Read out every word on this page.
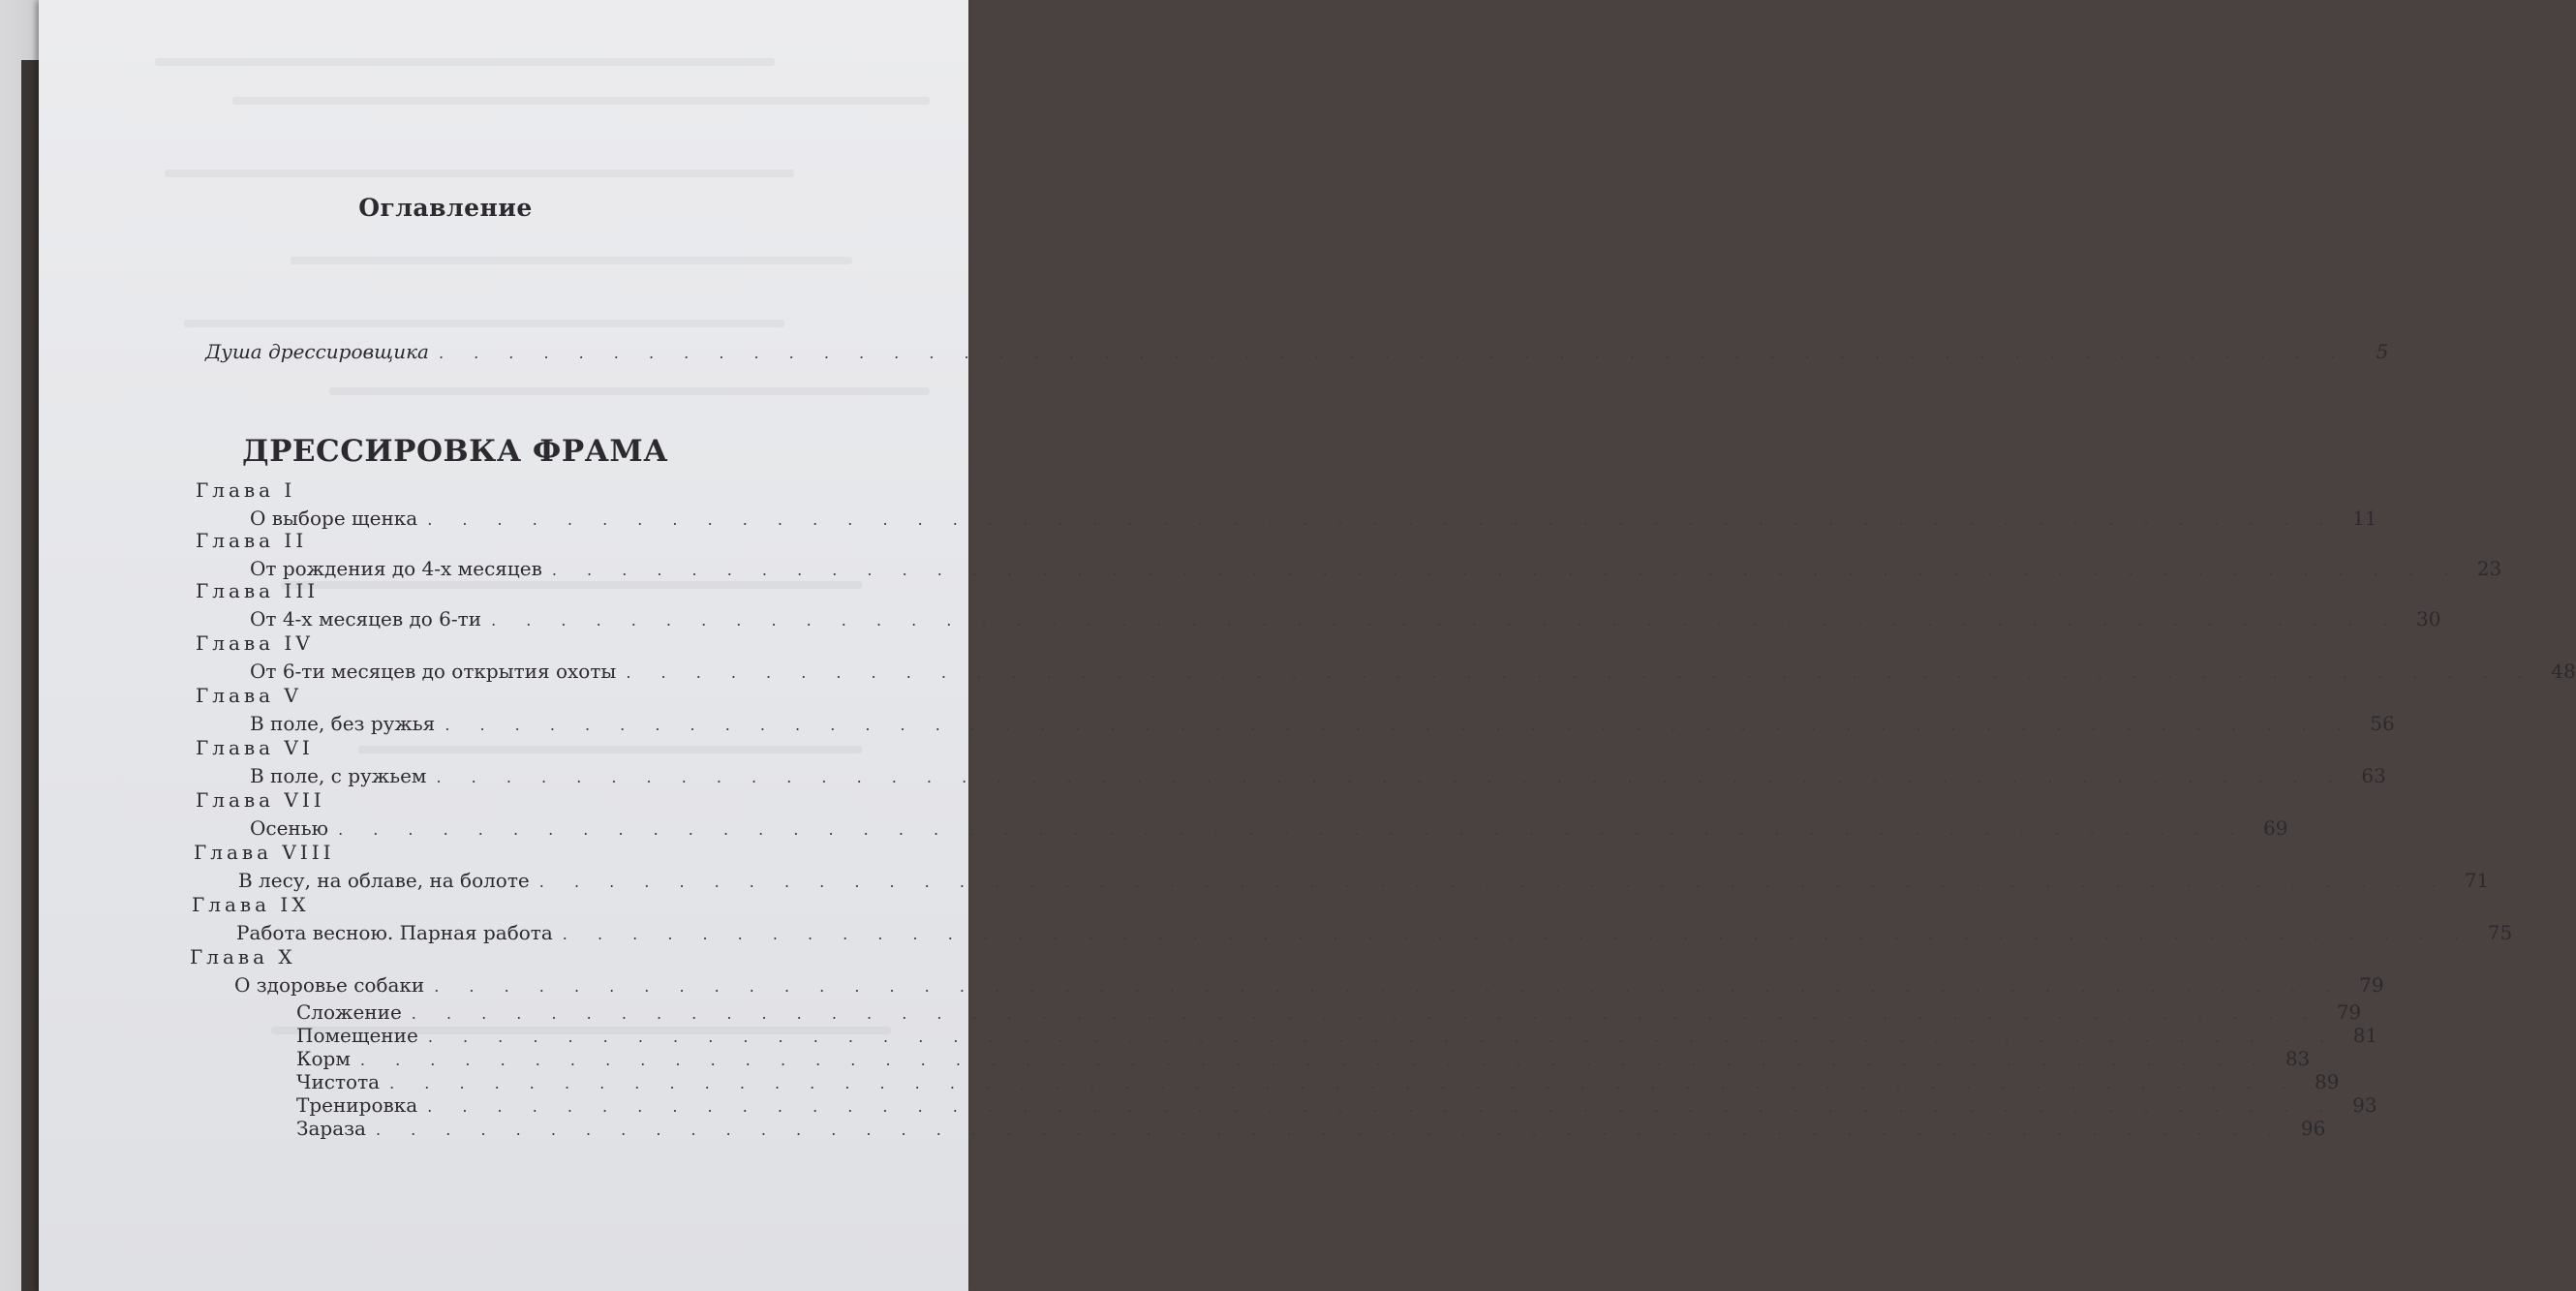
Оглавление
Душа дрессировщика . . . . . . . . . . . . . . . . . . . . . . . . . . . . . . . . . . . . . . . . . . . . . . . . . . . . . . .	5
ДРЕССИРОВКА ФРАМА
Глава I
О выборе щенка . . . . . . . . . . . . . . . . . . . . . . . . . . . . . . . . . . . . . . . . . . . . . . . . . . . . . . . 11
Глава II
От рождения до 4-х месяцев . . . . . . . . . . . . . . . . . . . . . . . . . . . . . . . . . . . . . . . . . . . . . . . . . . . . . . . 23
Глава III
От 4-х месяцев до 6-ти . . . . . . . . . . . . . . . . . . . . . . . . . . . . . . . . . . . . . . . . . . . . . . . . . . . . . . . 30
Глава IV
От 6-ти месяцев до открытия охоты . . . . . . . . . . . . . . . . . . . . . . . . . . . . . . . . . . . . . . . . . . . . . . . . . . . . . . . 48
Глава V
В поле, без ружья . . . . . . . . . . . . . . . . . . . . . . . . . . . . . . . . . . . . . . . . . . . . . . . . . . . . . . . 56
Глава VI
В поле, с ружьем . . . . . . . . . . . . . . . . . . . . . . . . . . . . . . . . . . . . . . . . . . . . . . . . . . . . . . . 63
Глава VII
Осенью . . . . . . . . . . . . . . . . . . . . . . . . . . . . . . . . . . . . . . . . . . . . . . . . . . . . . . . 69
Глава VIII
В лесу, на облаве, на болоте . . . . . . . . . . . . . . . . . . . . . . . . . . . . . . . . . . . . . . . . . . . . . . . . . . . . . . . 71
Глава IX
Работа весною. Парная работа . . . . . . . . . . . . . . . . . . . . . . . . . . . . . . . . . . . . . . . . . . . . . . . . . . . . . . . 75
Глава X
О здоровье собаки . . . . . . . . . . . . . . . . . . . . . . . . . . . . . . . . . . . . . . . . . . . . . . . . . . . . . . . 79
Сложение . . . . . . . . . . . . . . . . . . . . . . . . . . . . . . . . . . . . . . . . . . . . . . . . . . . . . . . 79
Помещение . . . . . . . . . . . . . . . . . . . . . . . . . . . . . . . . . . . . . . . . . . . . . . . . . . . . . . . 81
Корм . . . . . . . . . . . . . . . . . . . . . . . . . . . . . . . . . . . . . . . . . . . . . . . . . . . . . . . 83
Чистота . . . . . . . . . . . . . . . . . . . . . . . . . . . . . . . . . . . . . . . . . . . . . . . . . . . . . . . 89
Тренировка . . . . . . . . . . . . . . . . . . . . . . . . . . . . . . . . . . . . . . . . . . . . . . . . . . . . . . . 93
Зараза . . . . . . . . . . . . . . . . . . . . . . . . . . . . . . . . . . . . . . . . . . . . . . . . . . . . . . . 96
